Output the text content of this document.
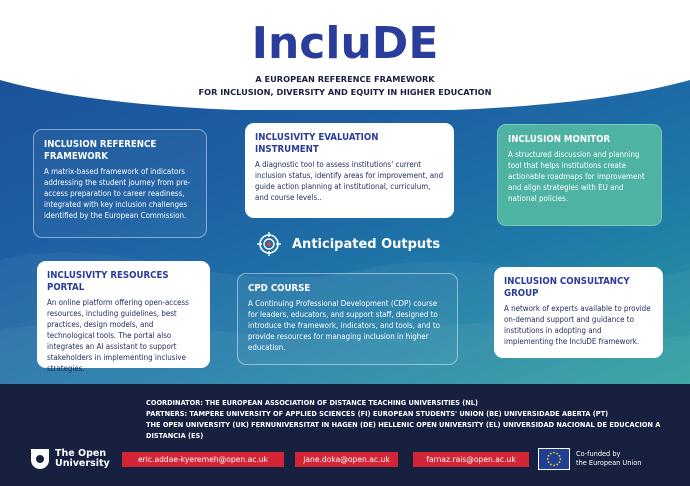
IncluDE
A EUROPEAN REFERENCE FRAMEWORK
FOR INCLUSION, DIVERSITY AND EQUITY IN HIGHER EDUCATION
INCLUSION REFERENCE FRAMEWORK
A matrix-based framework of indicators addressing the student journey from pre-access preparation to career readiness, integrated with key inclusion challenges identified by the European Commission.
INCLUSIVITY EVALUATION INSTRUMENT
A diagnostic tool to assess institutions' current inclusion status, identify areas for improvement, and guide action planning at institutional, curriculum, and course levels..
INCLUSION MONITOR
A structured discussion and planning tool that helps institutions create actionable roadmaps for improvement and align strategies with EU and national policies.
Anticipated Outputs
INCLUSIVITY RESOURCES PORTAL
An online platform offering open-access resources, including guidelines, best practices, design models, and technological tools. The portal also integrates an AI assistant to support stakeholders in implementing inclusive strategies.
CPD COURSE
A Continuing Professional Development (CDP) course for leaders, educators, and support staff, designed to introduce the framework, indicators, and tools, and to provide resources for managing inclusion in higher education.
INCLUSION CONSULTANCY GROUP
A network of experts available to provide on-demand support and guidance to institutions in adopting and implementing the IncluDE framework.
COORDINATOR: THE EUROPEAN ASSOCIATION OF DISTANCE TEACHING UNIVERSITIES (NL)
PARTNERS: TAMPERE UNIVERSITY OF APPLIED SCIENCES (FI) EUROPEAN STUDENTS' UNION (BE) UNIVERSIDADE ABERTA (PT)
THE OPEN UNIVERSITY (UK) FERNUNIVERSITAT IN HAGEN (DE) HELLENIC OPEN UNIVERSITY (EL) UNIVERSIDAD NACIONAL DE EDUCACION A DISTANCIA (ES)
The Open
University	eric.addae-kyeremeh@open.ac.uk	jane.doka@open.ac.uk	farnaz.rais@open.ac.uk
Co-funded by
the European Union
